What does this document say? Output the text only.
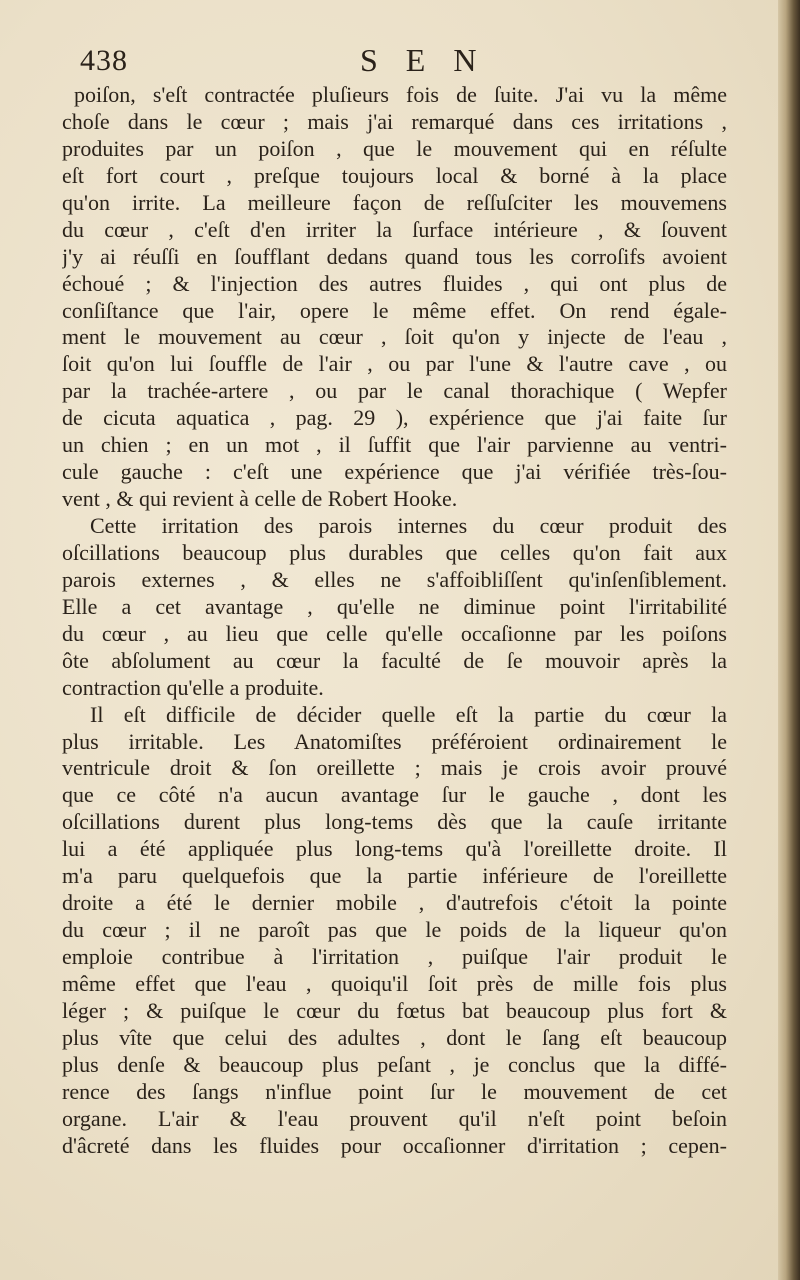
438	S E N
poiſon, s'eſt contractée pluſieurs fois de ſuite. J'ai vu la même
choſe dans le cœur ; mais j'ai remarqué dans ces irritations ,
produites par un poiſon , que le mouvement qui en réſulte
eſt fort court , preſque toujours local & borné à la place
qu'on irrite. La meilleure façon de reſſuſciter les mouvemens
du cœur , c'eſt d'en irriter la ſurface intérieure , & ſouvent
j'y ai réuſſi en ſoufflant dedans quand tous les corroſifs avoient
échoué ; & l'injection des autres fluides , qui ont plus de
conſiſtance que l'air, opere le même effet. On rend égale-
ment le mouvement au cœur , ſoit qu'on y injecte de l'eau ,
ſoit qu'on lui ſouffle de l'air , ou par l'une & l'autre cave , ou
par la trachée-artere , ou par le canal thorachique ( Wepfer
de cicuta aquatica , pag. 29 ), expérience que j'ai faite ſur
un chien ; en un mot , il ſuffit que l'air parvienne au ventri-
cule gauche : c'eſt une expérience que j'ai vérifiée très-ſou-
vent , & qui revient à celle de Robert Hooke.
Cette irritation des parois internes du cœur produit des
oſcillations beaucoup plus durables que celles qu'on fait aux
parois externes , & elles ne s'affoibliſſent qu'inſenſiblement.
Elle a cet avantage , qu'elle ne diminue point l'irritabilité
du cœur , au lieu que celle qu'elle occaſionne par les poiſons
ôte abſolument au cœur la faculté de ſe mouvoir après la
contraction qu'elle a produite.
Il eſt difficile de décider quelle eſt la partie du cœur la
plus irritable. Les Anatomiſtes préféroient ordinairement le
ventricule droit & ſon oreillette ; mais je crois avoir prouvé
que ce côté n'a aucun avantage ſur le gauche , dont les
oſcillations durent plus long-tems dès que la cauſe irritante
lui a été appliquée plus long-tems qu'à l'oreillette droite. Il
m'a paru quelquefois que la partie inférieure de l'oreillette
droite a été le dernier mobile , d'autrefois c'étoit la pointe
du cœur ; il ne paroît pas que le poids de la liqueur qu'on
emploie contribue à l'irritation , puiſque l'air produit le
même effet que l'eau , quoiqu'il ſoit près de mille fois plus
léger ; & puiſque le cœur du fœtus bat beaucoup plus fort &
plus vîte que celui des adultes , dont le ſang eſt beaucoup
plus denſe & beaucoup plus peſant , je conclus que la diffé-
rence des ſangs n'influe point ſur le mouvement de cet
organe. L'air & l'eau prouvent qu'il n'eſt point beſoin
d'âcreté dans les fluides pour occaſionner d'irritation ; cepen-
